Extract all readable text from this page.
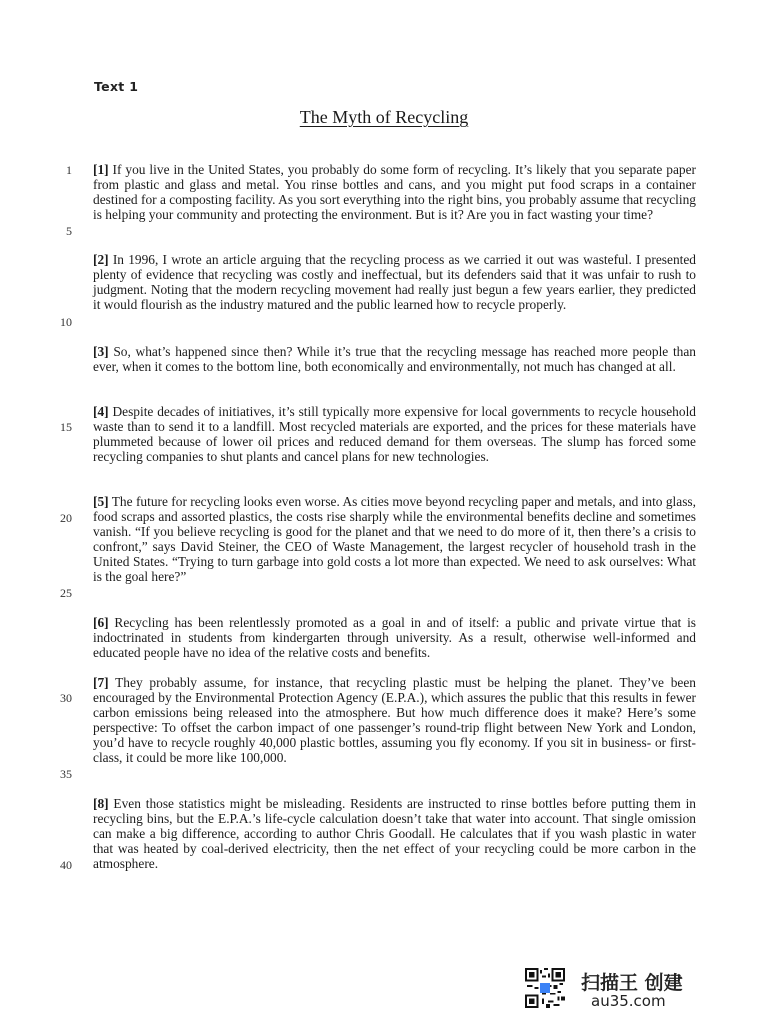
Text 1
The Myth of Recycling
1
5
10
15
20
25
30
35
40

[1] If you live in the United States, you probably do some form of recycling. It’s likely that you separate paper from plastic and glass and metal. You rinse bottles and cans, and you might put food scraps in a container destined for a composting facility. As you sort everything into the right bins, you probably assume that recycling is helping your community and protecting the environment. But is it? Are you in fact wasting your time?

[2] In 1996, I wrote an article arguing that the recycling process as we carried it out was wasteful. I presented plenty of evidence that recycling was costly and ineffectual, but its defenders said that it was unfair to rush to judgment. Noting that the modern recycling movement had really just begun a few years earlier, they predicted it would flourish as the industry matured and the public learned how to recycle properly.

[3] So, what’s happened since then? While it’s true that the recycling message has reached more people than ever, when it comes to the bottom line, both economically and environmentally, not much has changed at all.

[4] Despite decades of initiatives, it’s still typically more expensive for local governments to recycle household waste than to send it to a landfill. Most recycled materials are exported, and the prices for these materials have plummeted because of lower oil prices and reduced demand for them overseas. The slump has forced some recycling companies to shut plants and cancel plans for new technologies.

[5] The future for recycling looks even worse. As cities move beyond recycling paper and metals, and into glass, food scraps and assorted plastics, the costs rise sharply while the environmental benefits decline and sometimes vanish. “If you believe recycling is good for the planet and that we need to do more of it, then there’s a crisis to confront,” says David Steiner, the CEO of Waste Management, the largest recycler of household trash in the United States. “Trying to turn garbage into gold costs a lot more than expected. We need to ask ourselves: What is the goal here?”

[6] Recycling has been relentlessly promoted as a goal in and of itself: a public and private virtue that is indoctrinated in students from kindergarten through university. As a result, otherwise well-informed and educated people have no idea of the relative costs and benefits.

[7] They probably assume, for instance, that recycling plastic must be helping the planet. They’ve been encouraged by the Environmental Protection Agency (E.P.A.), which assures the public that this results in fewer carbon emissions being released into the atmosphere. But how much difference does it make? Here’s some perspective: To offset the carbon impact of one passenger’s round-trip flight between New York and London, you’d have to recycle roughly 40,000 plastic bottles, assuming you fly economy. If you sit in business- or first-class, it could be more like 100,000.

[8] Even those statistics might be misleading. Residents are instructed to rinse bottles before putting them in recycling bins, but the E.P.A.’s life-cycle calculation doesn’t take that water into account. That single omission can make a big difference, according to author Chris Goodall. He calculates that if you wash plastic in water that was heated by coal-derived electricity, then the net effect of your recycling could be more carbon in the atmosphere.

扫描王 创建
au35.com
